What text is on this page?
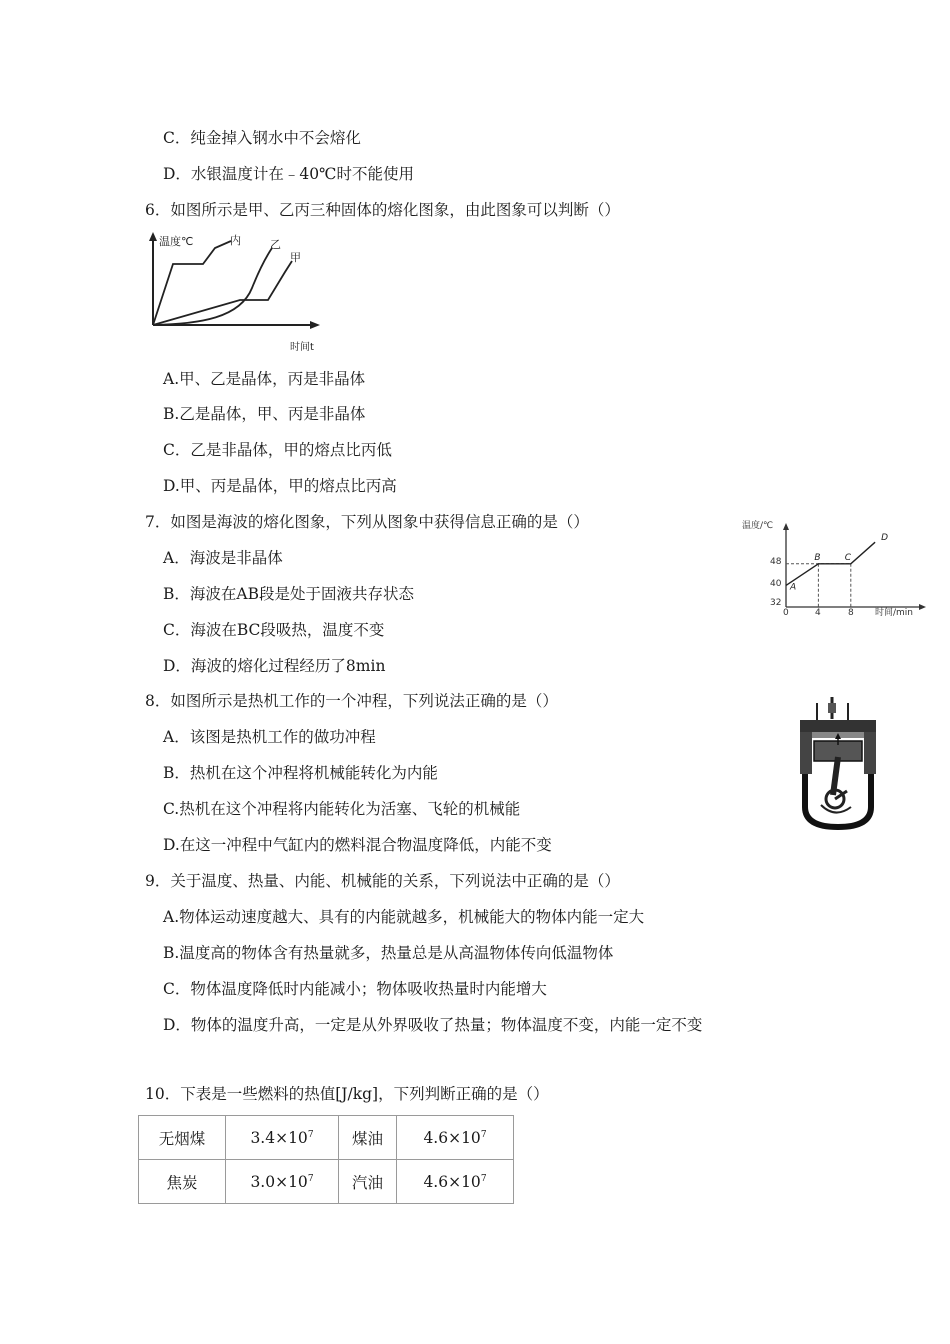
C．纯金掉入钢水中不会熔化
D．水银温度计在﹣40℃时不能使用
6．如图所示是甲、乙丙三种固体的熔化图象，由此图象可以判断（）
温度℃	内	乙
甲
时间t
A.甲、乙是晶体，丙是非晶体
B.乙是晶体，甲、丙是非晶体
C．乙是非晶体，甲的熔点比丙低
D.甲、丙是晶体，甲的熔点比丙高
7．如图是海波的熔化图象，下列从图象中获得信息正确的是（）
A．海波是非晶体
B．海波在AB段是处于固液共存状态
C．海波在BC段吸热，温度不变
D．海波的熔化过程经历了8min
温度/℃
时间/min
48
40
32
0	4	8
A
B	C
D
8．如图所示是热机工作的一个冲程，下列说法正确的是（）
A．该图是热机工作的做功冲程
B．热机在这个冲程将机械能转化为内能
C.热机在这个冲程将内能转化为活塞、飞轮的机械能
D.在这一冲程中气缸内的燃料混合物温度降低，内能不变
9．关于温度、热量、内能、机械能的关系，下列说法中正确的是（）
A.物体运动速度越大、具有的内能就越多，机械能大的物体内能一定大
B.温度高的物体含有热量就多，热量总是从高温物体传向低温物体
C．物体温度降低时内能减小；物体吸收热量时内能增大
D．物体的温度升高，一定是从外界吸收了热量；物体温度不变，内能一定不变
10．下表是一些燃料的热值[J/kg]，下列判断正确的是（）
无烟煤	$3.4\times 10^7$	煤油	$4.6\times 10^7$
焦炭	$3.0\times 10^7$	汽油	$4.6\times 10^7$
